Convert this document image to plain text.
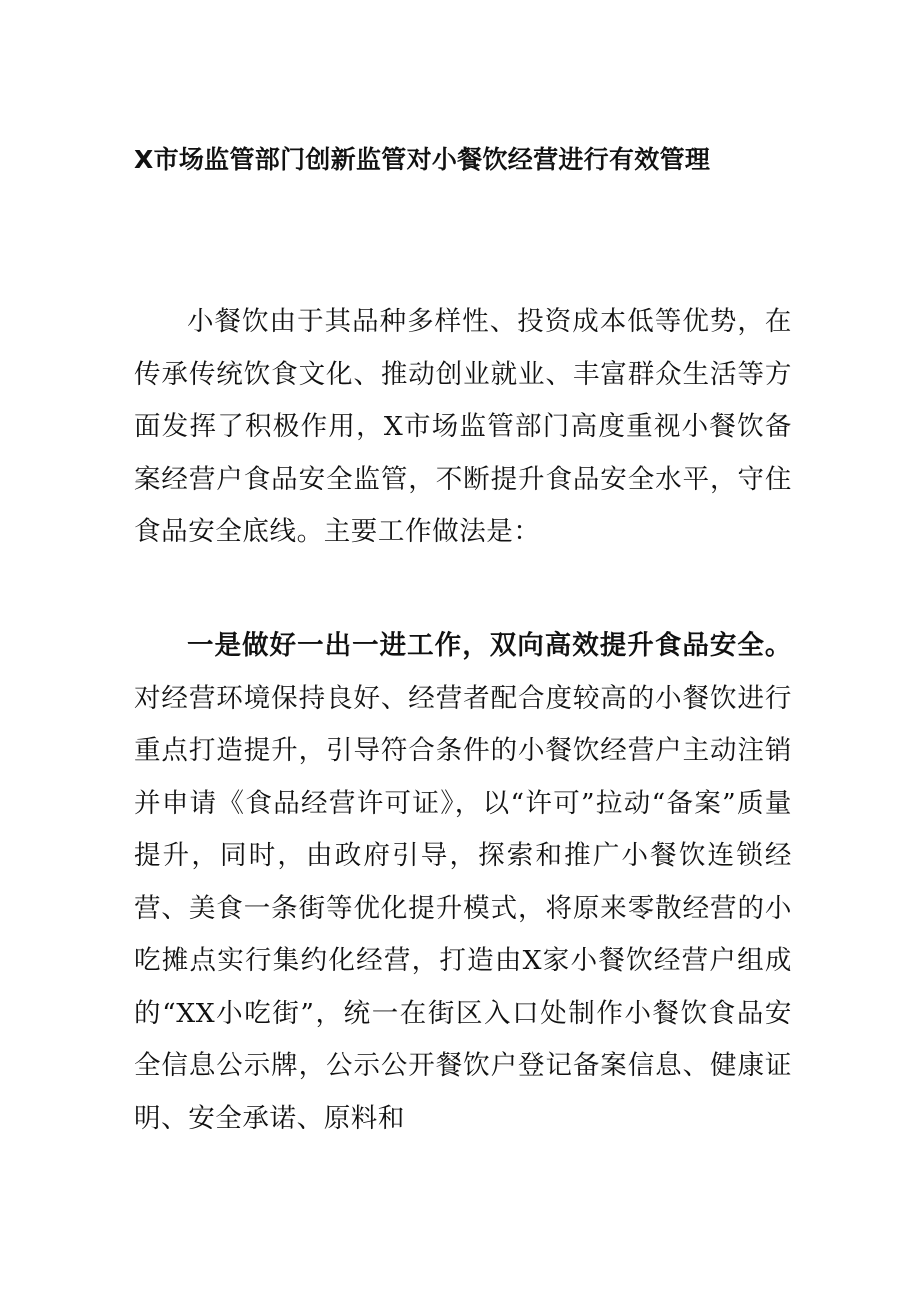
X市场监管部门创新监管对小餐饮经营进行有效管理

小餐饮由于其品种多样性、投资成本低等优势，在传承传统饮食文化、推动创业就业、丰富群众生活等方面发挥了积极作用，X市场监管部门高度重视小餐饮备案经营户食品安全监管，不断提升食品安全水平，守住食品安全底线。主要工作做法是：

一是做好一出一进工作，双向高效提升食品安全。对经营环境保持良好、经营者配合度较高的小餐饮进行重点打造提升，引导符合条件的小餐饮经营户主动注销并申请《食品经营许可证》，以“许可”拉动“备案”质量提升，同时，由政府引导，探索和推广小餐饮连锁经营、美食一条街等优化提升模式，将原来零散经营的小吃摊点实行集约化经营，打造由X家小餐饮经营户组成的“XX小吃街”，统一在街区入口处制作小餐饮食品安全信息公示牌，公示公开餐饮户登记备案信息、健康证明、安全承诺、原料和
